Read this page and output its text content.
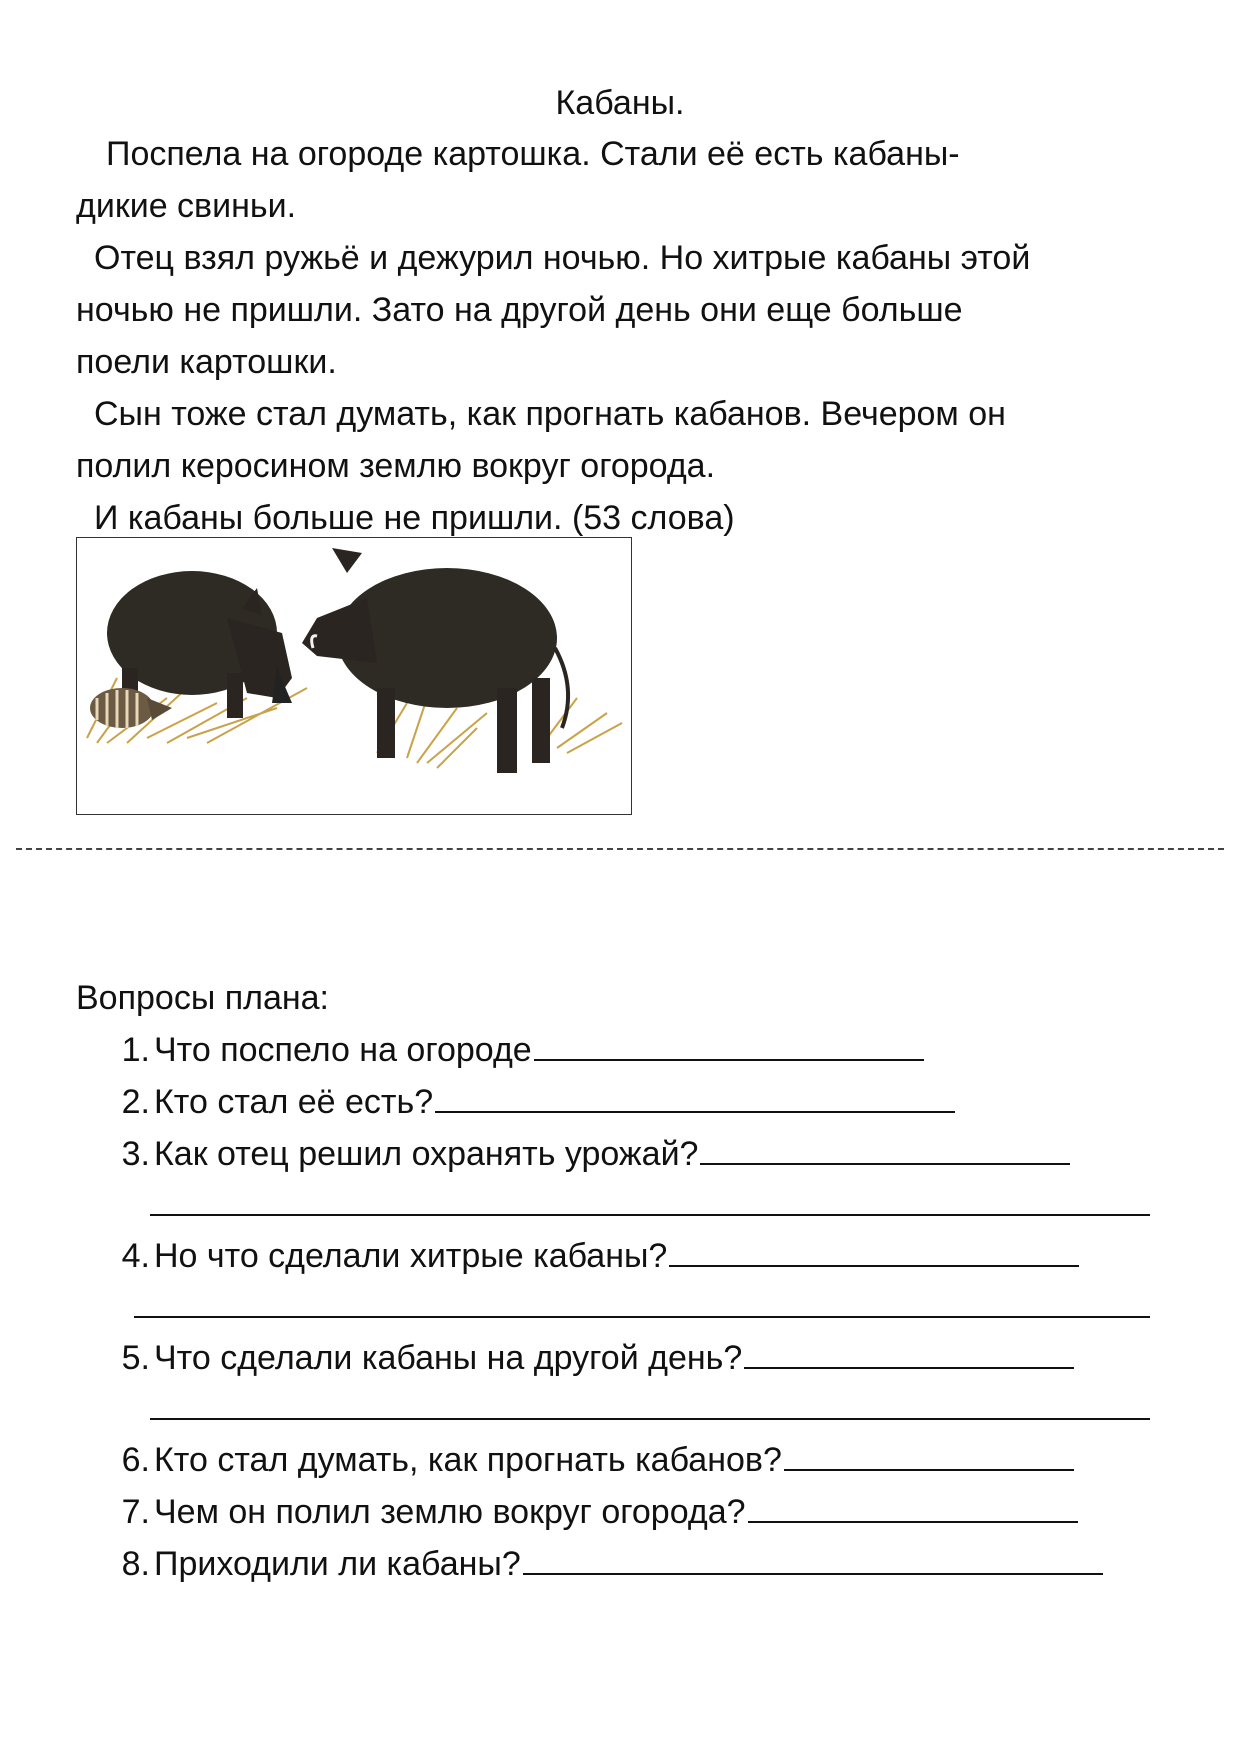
Кабаны.

Поспела на огороде картошка. Стали её есть кабаны-

дикие свиньи.

Отец взял ружьё и дежурил ночью. Но хитрые кабаны этой

ночью не пришли. Зато на другой день они еще больше

поели картошки.

Сын тоже стал думать, как прогнать кабанов. Вечером он

полил керосином землю вокруг огорода.

И кабаны больше не пришли. (53 слова)

Вопросы плана:
1. Что поспело на огороде
2. Кто стал её есть?
3. Как отец решил охранять урожай?
4. Но что сделали хитрые кабаны?
5. Что сделали кабаны на другой день?
6. Кто стал думать, как прогнать кабанов?
7. Чем он полил землю вокруг огорода?
8. Приходили ли кабаны?
